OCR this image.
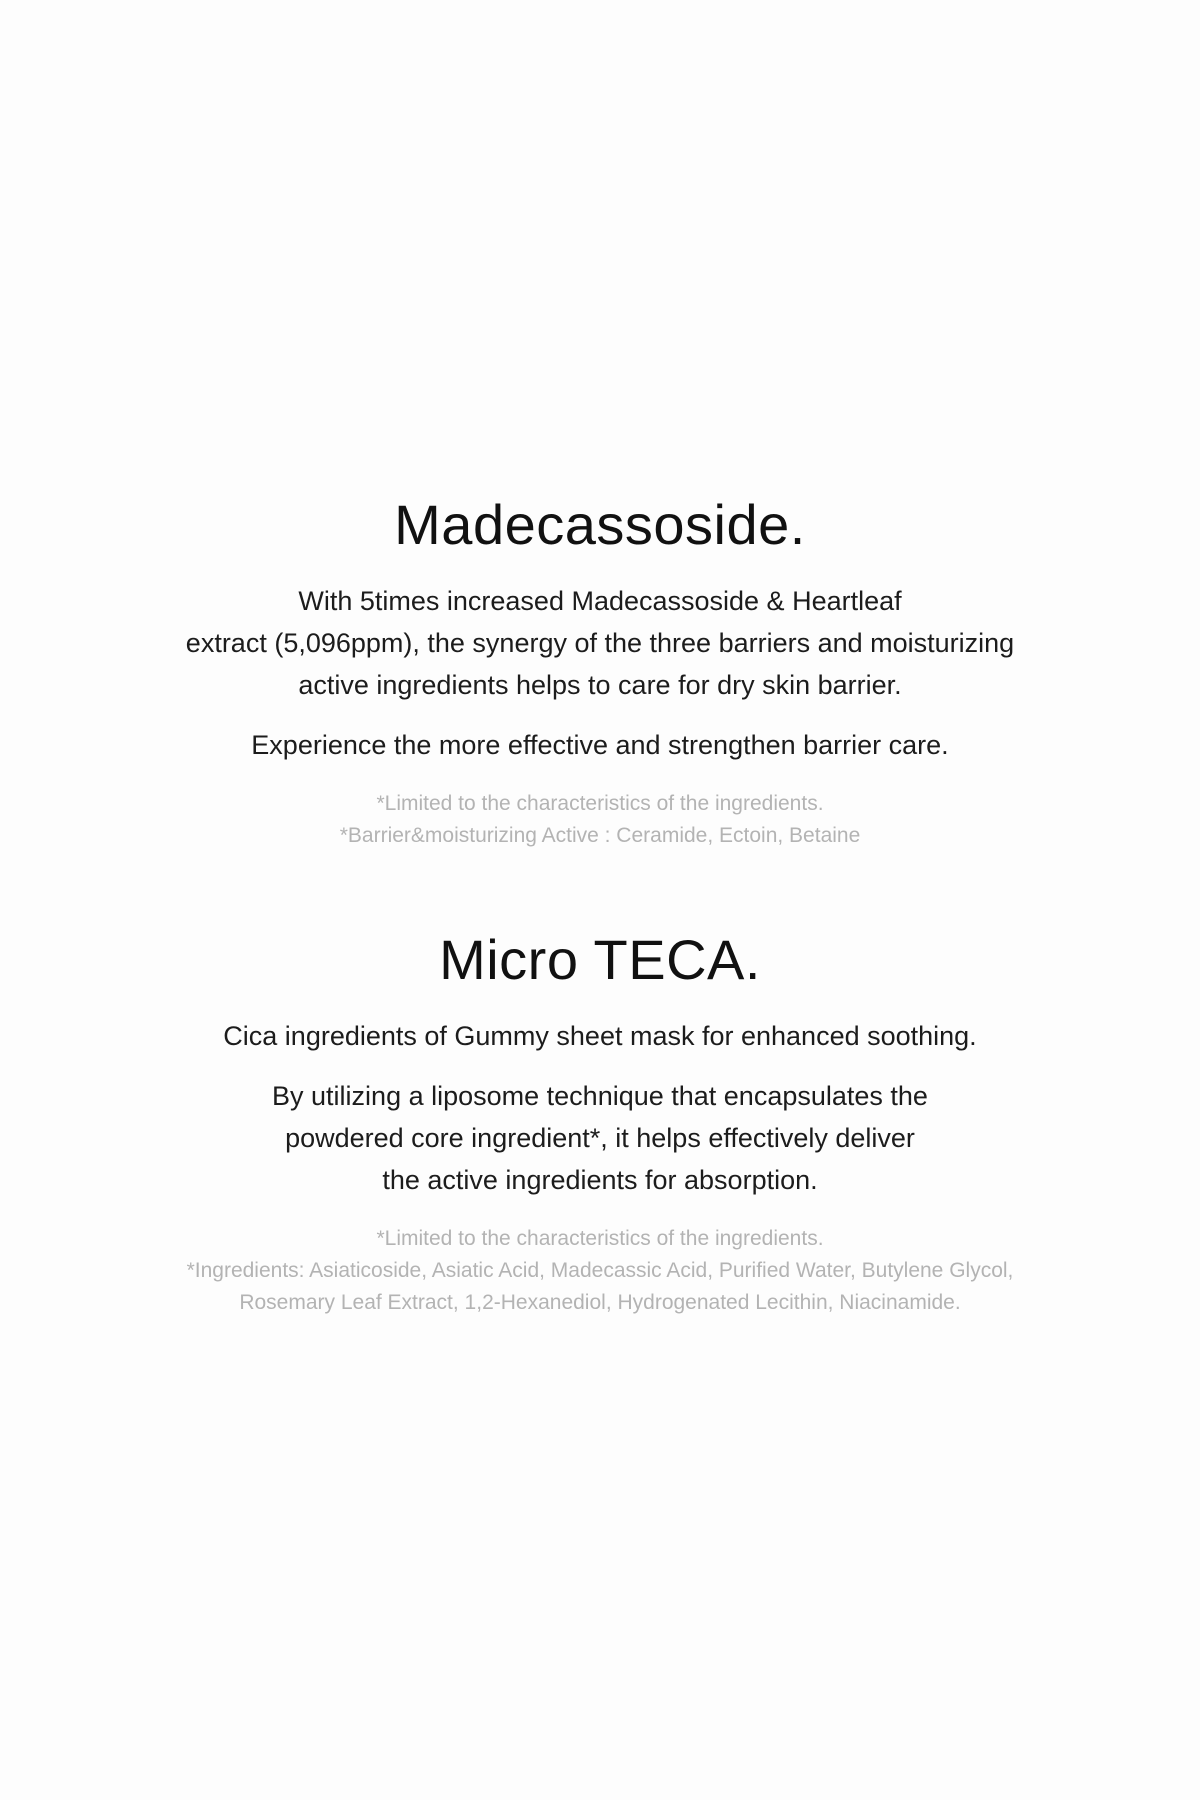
Madecassoside.

With 5times increased Madecassoside & Heartleaf
extract (5,096ppm), the synergy of the three barriers and moisturizing
active ingredients helps to care for dry skin barrier.

Experience the more effective and strengthen barrier care.

*Limited to the characteristics of the ingredients.
*Barrier&moisturizing Active : Ceramide, Ectoin, Betaine

Micro TECA.

Cica ingredients of Gummy sheet mask for enhanced soothing.

By utilizing a liposome technique that encapsulates the
powdered core ingredient*, it helps effectively deliver
the active ingredients for absorption.

*Limited to the characteristics of the ingredients.
*Ingredients: Asiaticoside, Asiatic Acid, Madecassic Acid, Purified Water, Butylene Glycol,
Rosemary Leaf Extract, 1,2-Hexanediol, Hydrogenated Lecithin, Niacinamide.
